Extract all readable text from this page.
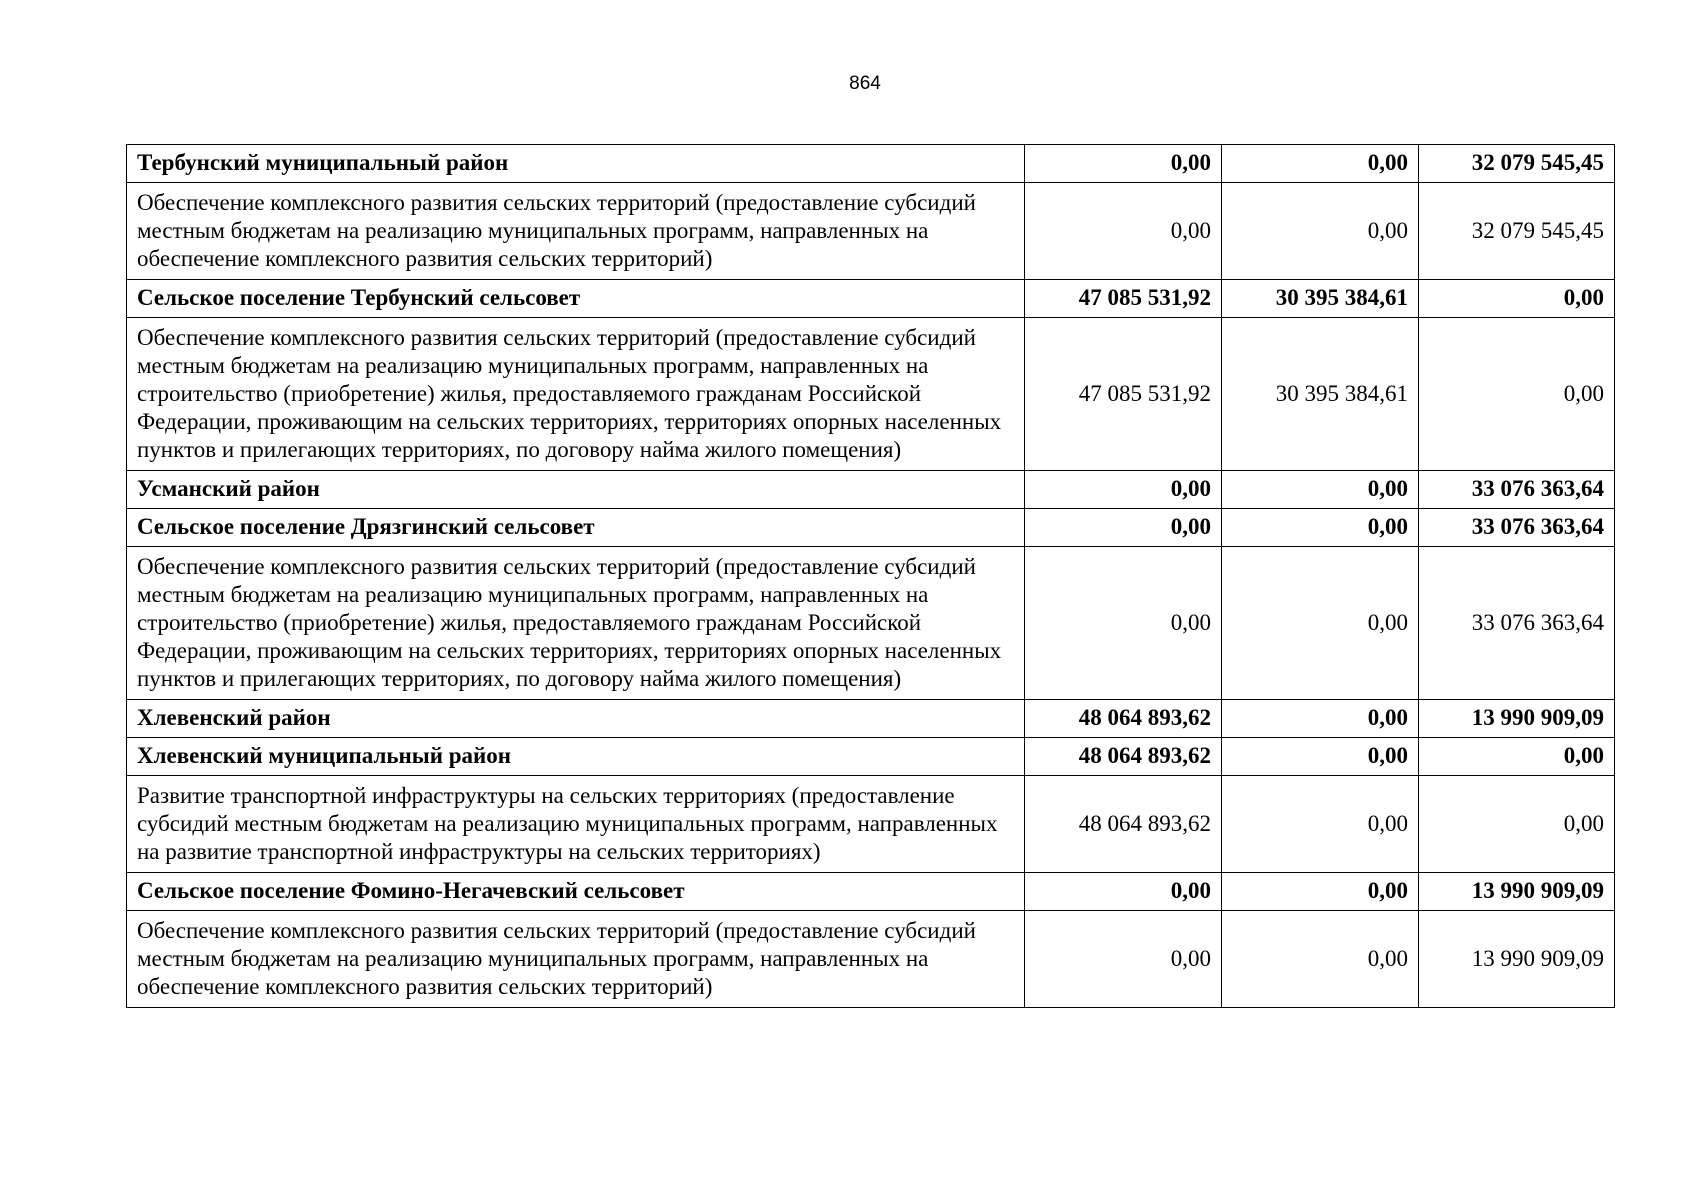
864
Тербунский муниципальный район	0,00	0,00	32 079 545,45
Обеспечение комплексного развития сельских территорий (предоставление субсидий местным бюджетам на реализацию муниципальных программ, направленных на обеспечение комплексного развития сельских территорий)	0,00	0,00	32 079 545,45
Сельское поселение Тербунский сельсовет	47 085 531,92	30 395 384,61	0,00
Обеспечение комплексного развития сельских территорий (предоставление субсидий местным бюджетам на реализацию муниципальных программ, направленных на строительство (приобретение) жилья, предоставляемого гражданам Российской Федерации, проживающим на сельских территориях, территориях опорных населенных пунктов и прилегающих территориях, по договору найма жилого помещения)	47 085 531,92	30 395 384,61	0,00
Усманский район	0,00	0,00	33 076 363,64
Сельское поселение Дрязгинский сельсовет	0,00	0,00	33 076 363,64
Обеспечение комплексного развития сельских территорий (предоставление субсидий местным бюджетам на реализацию муниципальных программ, направленных на строительство (приобретение) жилья, предоставляемого гражданам Российской Федерации, проживающим на сельских территориях, территориях опорных населенных пунктов и прилегающих территориях, по договору найма жилого помещения)	0,00	0,00	33 076 363,64
Хлевенский район	48 064 893,62	0,00	13 990 909,09
Хлевенский муниципальный район	48 064 893,62	0,00	0,00
Развитие транспортной инфраструктуры на сельских территориях (предоставление субсидий местным бюджетам на реализацию муниципальных программ, направленных на развитие транспортной инфраструктуры на сельских территориях)	48 064 893,62	0,00	0,00
Сельское поселение Фомино-Негачевский сельсовет	0,00	0,00	13 990 909,09
Обеспечение комплексного развития сельских территорий (предоставление субсидий местным бюджетам на реализацию муниципальных программ, направленных на обеспечение комплексного развития сельских территорий)	0,00	0,00	13 990 909,09
